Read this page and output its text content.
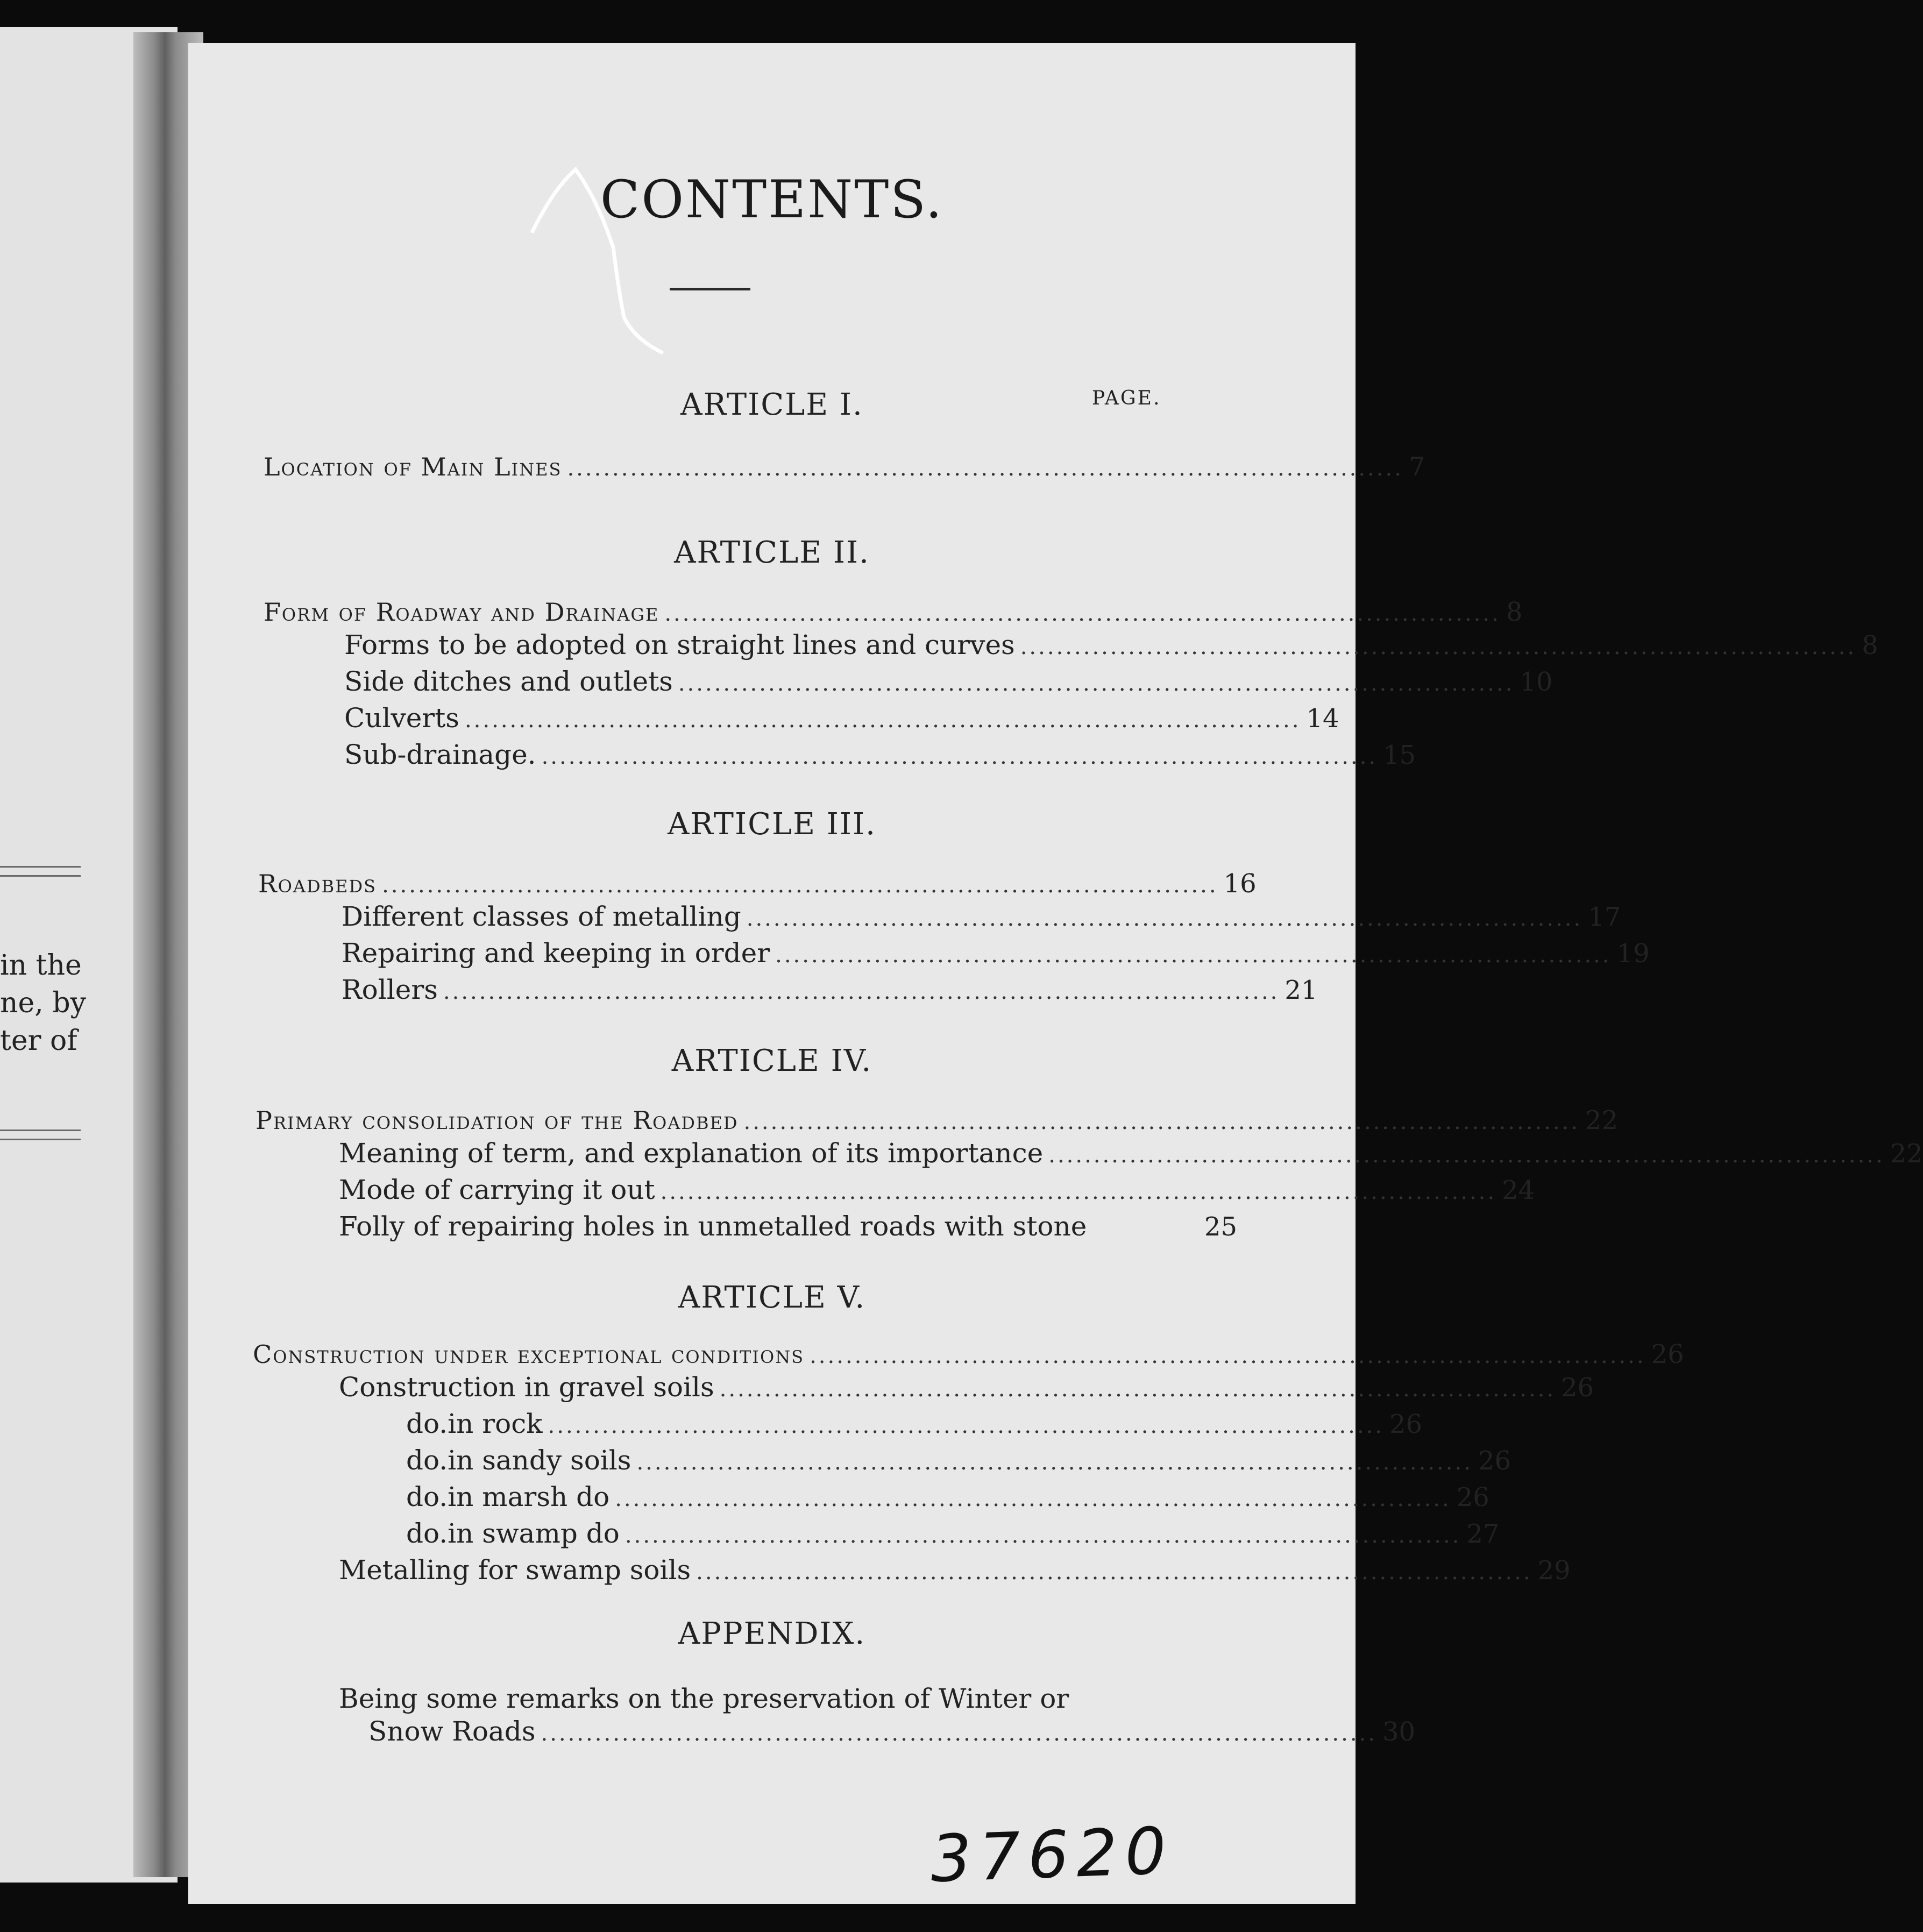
in the
ne, by
ter of
CONTENTS.
PAGE.
ARTICLE I.
Location of Main Lines ............................................................................................. 7
ARTICLE II.
Form of Roadway and Drainage ............................................................................................. 8
Forms to be adopted on straight lines and curves ............................................................................................. 8
Side ditches and outlets ............................................................................................. 10
Culverts ............................................................................................. 14
Sub-drainage. ............................................................................................. 15
ARTICLE III.
Roadbeds ............................................................................................. 16
Different classes of metalling ............................................................................................. 17
Repairing and keeping in order ............................................................................................. 19
Rollers ............................................................................................. 21
ARTICLE IV.
Primary consolidation of the Roadbed ............................................................................................. 22
Meaning of term, and explanation of its importance ............................................................................................. 22
Mode of carrying it out ............................................................................................. 24
Folly of repairing holes in unmetalled roads with stone	25
ARTICLE V.
Construction under exceptional conditions ............................................................................................. 26
Construction in gravel soils ............................................................................................. 26
do. in rock ............................................................................................. 26
do. in sandy soils ............................................................................................. 26
do. in marsh do ............................................................................................. 26
do. in swamp do ............................................................................................. 27
Metalling for swamp soils ............................................................................................. 29
APPENDIX.
Being some remarks on the preservation of Winter or
Snow Roads ............................................................................................. 30
37620
